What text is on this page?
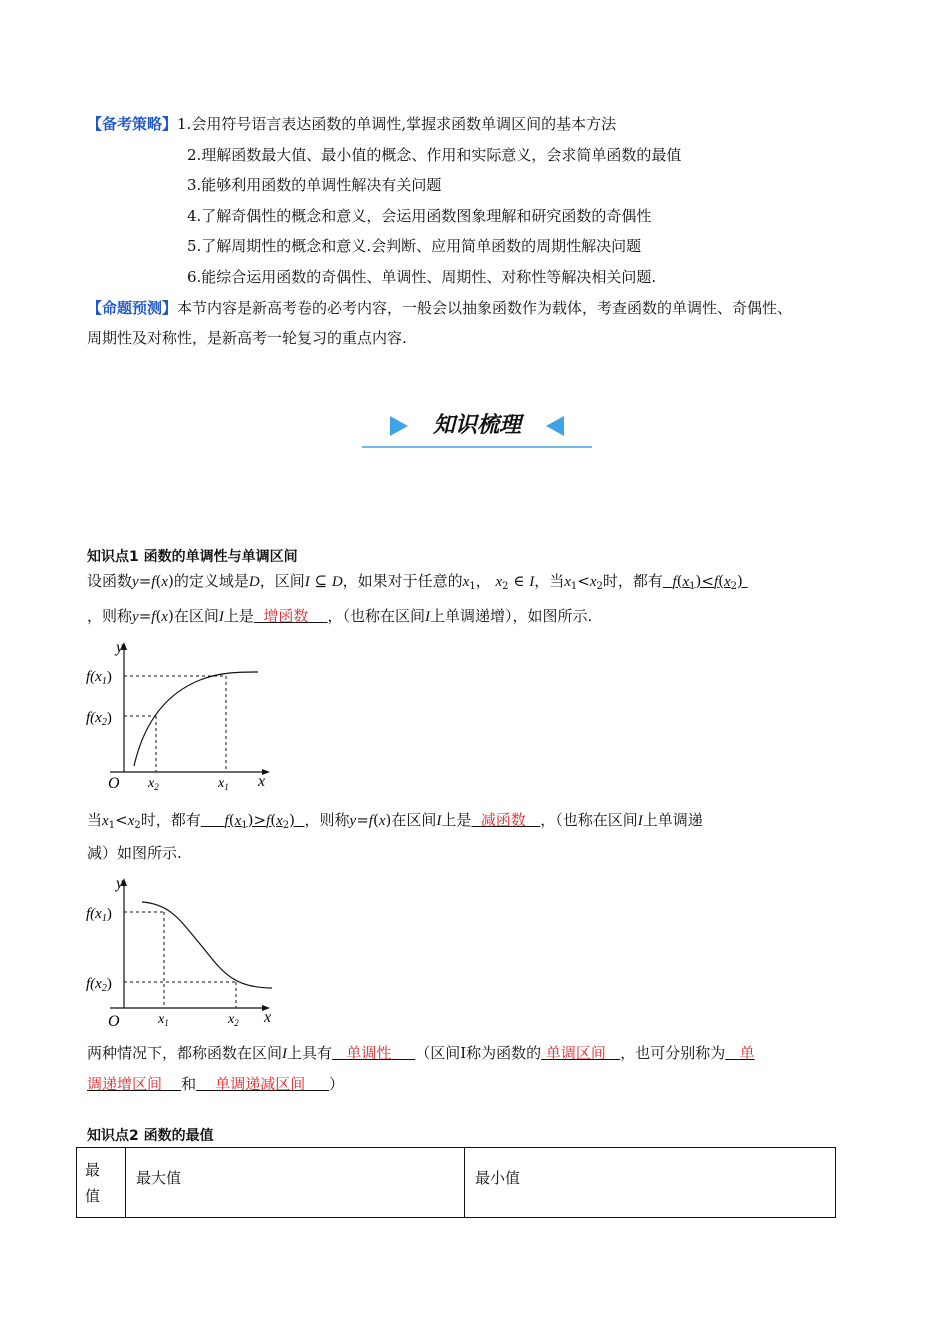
【备考策略】1.会用符号语言表达函数的单调性,掌握求函数单调区间的基本方法
2.理解函数最大值、最小值的概念、作用和实际意义，会求简单函数的最值
3.能够利用函数的单调性解决有关问题
4.了解奇偶性的概念和意义，会运用函数图象理解和研究函数的奇偶性
5.了解周期性的概念和意义.会判断、应用简单函数的周期性解决问题
6.能综合运用函数的奇偶性、单调性、周期性、对称性等解决相关问题.
【命题预测】本节内容是新高考卷的必考内容，一般会以抽象函数作为载体，考查函数的单调性、奇偶性、
周期性及对称性，是新高考一轮复习的重点内容.
知识梳理
知识点1 函数的单调性与单调区间
设函数y=f(x)的定义域是D，区间I ⊆ D，如果对于任意的$x_1$， $x_2$ ∈ I，当$x_1<x_2$时，都有 $f(x_1)<f(x_2)$
，则称y=f(x)在区间I上是 增函数 ，（也称在区间I上单调递增），如图所示.
y
x
O
$f(x_1)$
$f(x_2)$
$x_2$	$x_1$
当$x_1<x_2$时，都有 $f(x_1)>f(x_2)$  ，则称y=f(x)在区间I上是 减函数 ，（也称在区间I上单调递
减）如图所示.
y
x
O
$f(x_1)$
$f(x_2)$
$x_1$	$x_2$
两种情况下，都称函数在区间I上具有 单调性 （区间I称为函数的 单调区间 ，也可分别称为 单
调递增区间 和 单调递减区间 ）
知识点2 函数的最值
最
值
	最大值	最小值
